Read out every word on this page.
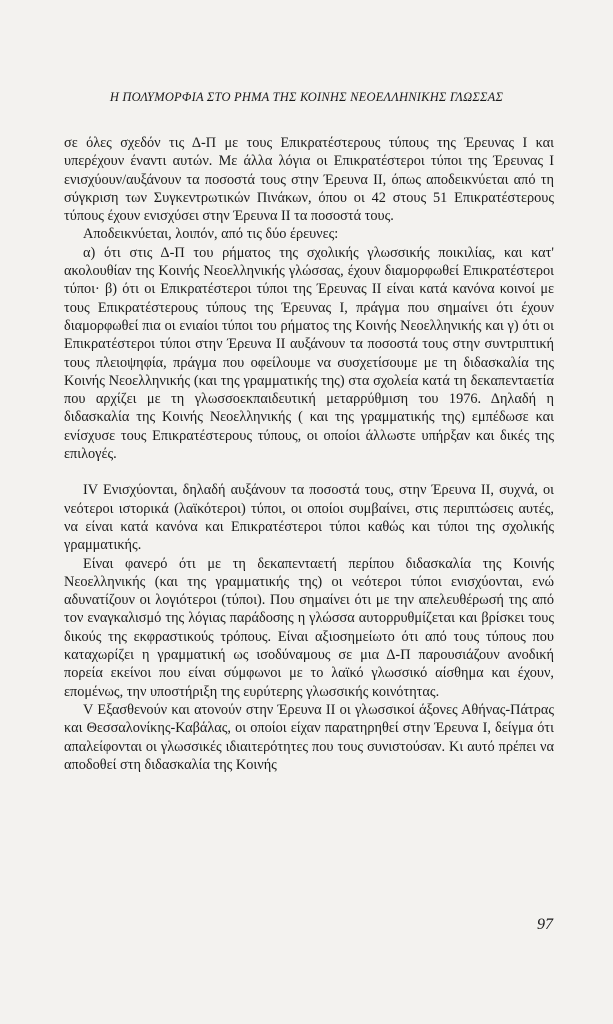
Η ΠΟΛΥΜΟΡΦΙΑ ΣΤΟ ΡΗΜΑ ΤΗΣ ΚΟΙΝΗΣ ΝΕΟΕΛΛΗΝΙΚΗΣ ΓΛΩΣΣΑΣ

σε όλες σχεδόν τις Δ-Π με τους Επικρατέστερους τύπους της Έρευνας Ι και υπερέχουν έναντι αυτών. Με άλλα λόγια οι Επικρατέστεροι τύποι της Έρευνας Ι ενισχύουν/αυξάνουν τα ποσοστά τους στην Έρευνα ΙΙ, όπως αποδεικνύεται από τη σύγκριση των Συγκεντρωτικών Πινάκων, όπου οι 42 στους 51 Επικρατέστερους τύπους έχουν ενισχύσει στην Έρευνα ΙΙ τα ποσοστά τους.

Αποδεικνύεται, λοιπόν, από τις δύο έρευνες:

α) ότι στις Δ-Π του ρήματος της σχολικής γλωσσικής ποικιλίας, και κατ' ακολουθίαν της Κοινής Νεοελληνικής γλώσσας, έχουν διαμορφωθεί Επικρατέστεροι τύποι· β) ότι οι Επικρατέστεροι τύποι της Έρευνας ΙΙ είναι κατά κανόνα κοινοί με τους Επικρατέστερους τύπους της Έρευνας Ι, πράγμα που σημαίνει ότι έχουν διαμορφωθεί πια οι ενιαίοι τύποι του ρήματος της Κοινής Νεοελληνικής και γ) ότι οι Επικρατέστεροι τύποι στην Έρευνα ΙΙ αυξάνουν τα ποσοστά τους στην συντριπτική τους πλειοψηφία, πράγμα που οφείλουμε να συσχετίσουμε με τη διδασκαλία της Κοινής Νεοελληνικής (και της γραμματικής της) στα σχολεία κατά τη δεκαπενταετία που αρχίζει με τη γλωσσοεκπαιδευτική μεταρρύθμιση του 1976. Δηλαδή η διδασκαλία της Κοινής Νεοελληνικής ( και της γραμματικής της) εμπέδωσε και ενίσχυσε τους Επικρατέστερους τύπους, οι οποίοι άλλωστε υπήρξαν και δικές της επιλογές.

IV Ενισχύονται, δηλαδή αυξάνουν τα ποσοστά τους, στην Έρευνα ΙΙ, συχνά, οι νεότεροι ιστορικά (λαϊκότεροι) τύποι, οι οποίοι συμβαίνει, στις περιπτώσεις αυτές, να είναι κατά κανόνα και Επικρατέστεροι τύποι καθώς και τύποι της σχολικής γραμματικής.

Είναι φανερό ότι με τη δεκαπενταετή περίπου διδασκαλία της Κοινής Νεοελληνικής (και της γραμματικής της) οι νεότεροι τύποι ενισχύονται, ενώ αδυνατίζουν οι λογιότεροι (τύποι). Που σημαίνει ότι με την απελευθέρωσή της από τον εναγκαλισμό της λόγιας παράδοσης η γλώσσα αυτορρυθμίζεται και βρίσκει τους δικούς της εκφραστικούς τρόπους. Είναι αξιοσημείωτο ότι από τους τύπους που καταχωρίζει η γραμματική ως ισοδύναμους σε μια Δ-Π παρουσιάζουν ανοδική πορεία εκείνοι που είναι σύμφωνοι με το λαϊκό γλωσσικό αίσθημα και έχουν, επομένως, την υποστήριξη της ευρύτερης γλωσσικής κοινότητας.

V Εξασθενούν και ατονούν στην Έρευνα ΙΙ οι γλωσσικοί άξονες Αθήνας-Πάτρας και Θεσσαλονίκης-Καβάλας, οι οποίοι είχαν παρατηρηθεί στην Έρευνα Ι, δείγμα ότι απαλείφονται οι γλωσσικές ιδιαιτερότητες που τους συνιστούσαν. Κι αυτό πρέπει να αποδοθεί στη διδασκαλία της Κοινής

97
